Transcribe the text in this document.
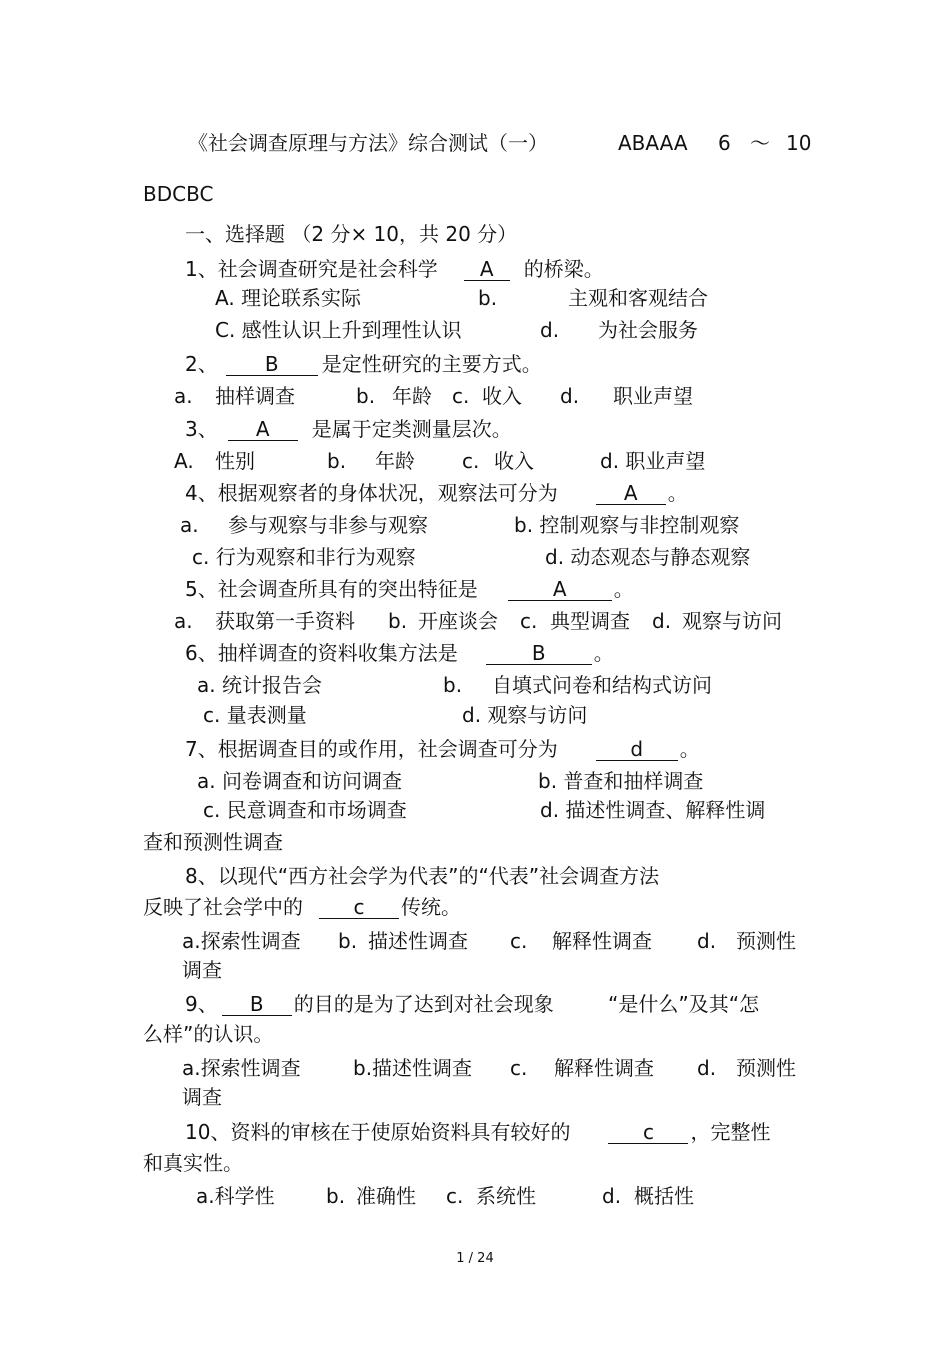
《社会调查原理与方法》综合测试（一）	ABAAA 6 ～ 10
BDCBC
一、选择题 （2 分× 10，共 20 分）
1、社会调查研究是社会科学 A 的桥梁。
A. 理论联系实际	b.	主观和客观结合
C. 感性认识上升到理性认识	d. 为社会服务
2、 B 是定性研究的主要方式。
a. 抽样调查	b. 年龄 c. 收入 d. 职业声望
3、 A 是属于定类测量层次。
A. 性别	b. 年龄 c. 收入	d. 职业声望
4、根据观察者的身体状况，观察法可分为	A 。
a. 参与观察与非参与观察	b. 控制观察与非控制观察
c. 行为观察和非行为观察	d. 动态观态与静态观察
5、社会调查所具有的突出特征是	A 。
a. 获取第一手资料 b. 开座谈会 c. 典型调查 d. 观察与访问
6、抽样调查的资料收集方法是	B 。
a. 统计报告会	b. 自填式问卷和结构式访问
c. 量表测量	d. 观察与访问
7、根据调查目的或作用，社会调查可分为	d 。
a. 问卷调查和访问调查	b. 普查和抽样调查
c. 民意调查和市场调查	d. 描述性调查、解释性调
查和预测性调查
8、以现代“西方社会学为代表”的“代表”社会调查方法
反映了社会学中的	c 传统。
a.探索性调查 b. 描述性调查 c. 解释性调查 d. 预测性
调查
9、 B 的目的是为了达到对社会现象	“是什么”及其“怎
么样”的认识。
a.探索性调查	b.描述性调查 c. 解释性调查 d. 预测性
调查
10、资料的审核在于使原始资料具有较好的	c ，完整性
和真实性。
a.科学性	b. 准确性 c. 系统性	d. 概括性
1 / 24
